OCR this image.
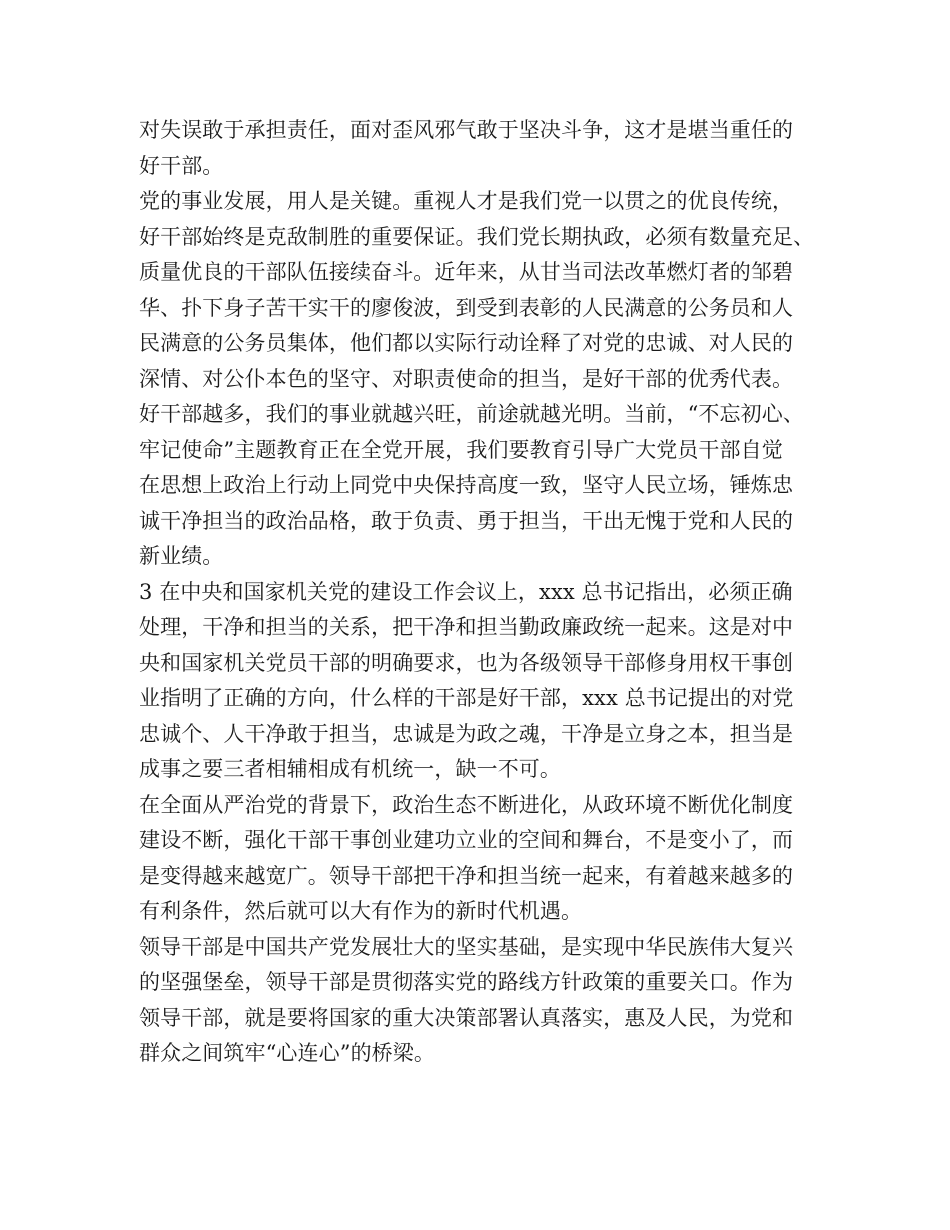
对失误敢于承担责任，面对歪风邪气敢于坚决斗争，这才是堪当重任的
好干部。

党的事业发展，用人是关键。重视人才是我们党一以贯之的优良传统，
好干部始终是克敌制胜的重要保证。我们党长期执政，必须有数量充足、
质量优良的干部队伍接续奋斗。近年来，从甘当司法改革燃灯者的邹碧
华、扑下身子苦干实干的廖俊波，到受到表彰的人民满意的公务员和人
民满意的公务员集体，他们都以实际行动诠释了对党的忠诚、对人民的
深情、对公仆本色的坚守、对职责使命的担当，是好干部的优秀代表。
好干部越多，我们的事业就越兴旺，前途就越光明。当前，“不忘初心、
牢记使命”主题教育正在全党开展，我们要教育引导广大党员干部自觉
在思想上政治上行动上同党中央保持高度一致，坚守人民立场，锤炼忠
诚干净担当的政治品格，敢于负责、勇于担当，干出无愧于党和人民的
新业绩。

3 在中央和国家机关党的建设工作会议上，xxx 总书记指出，必须正确
处理，干净和担当的关系，把干净和担当勤政廉政统一起来。这是对中
央和国家机关党员干部的明确要求，也为各级领导干部修身用权干事创
业指明了正确的方向，什么样的干部是好干部，xxx 总书记提出的对党
忠诚个、人干净敢于担当，忠诚是为政之魂，干净是立身之本，担当是
成事之要三者相辅相成有机统一，缺一不可。

在全面从严治党的背景下，政治生态不断进化，从政环境不断优化制度
建设不断，强化干部干事创业建功立业的空间和舞台，不是变小了，而
是变得越来越宽广。领导干部把干净和担当统一起来，有着越来越多的
有利条件，然后就可以大有作为的新时代机遇。

领导干部是中国共产党发展壮大的坚实基础，是实现中华民族伟大复兴
的坚强堡垒，领导干部是贯彻落实党的路线方针政策的重要关口。作为
领导干部，就是要将国家的重大决策部署认真落实，惠及人民，为党和
群众之间筑牢“心连心”的桥梁。
